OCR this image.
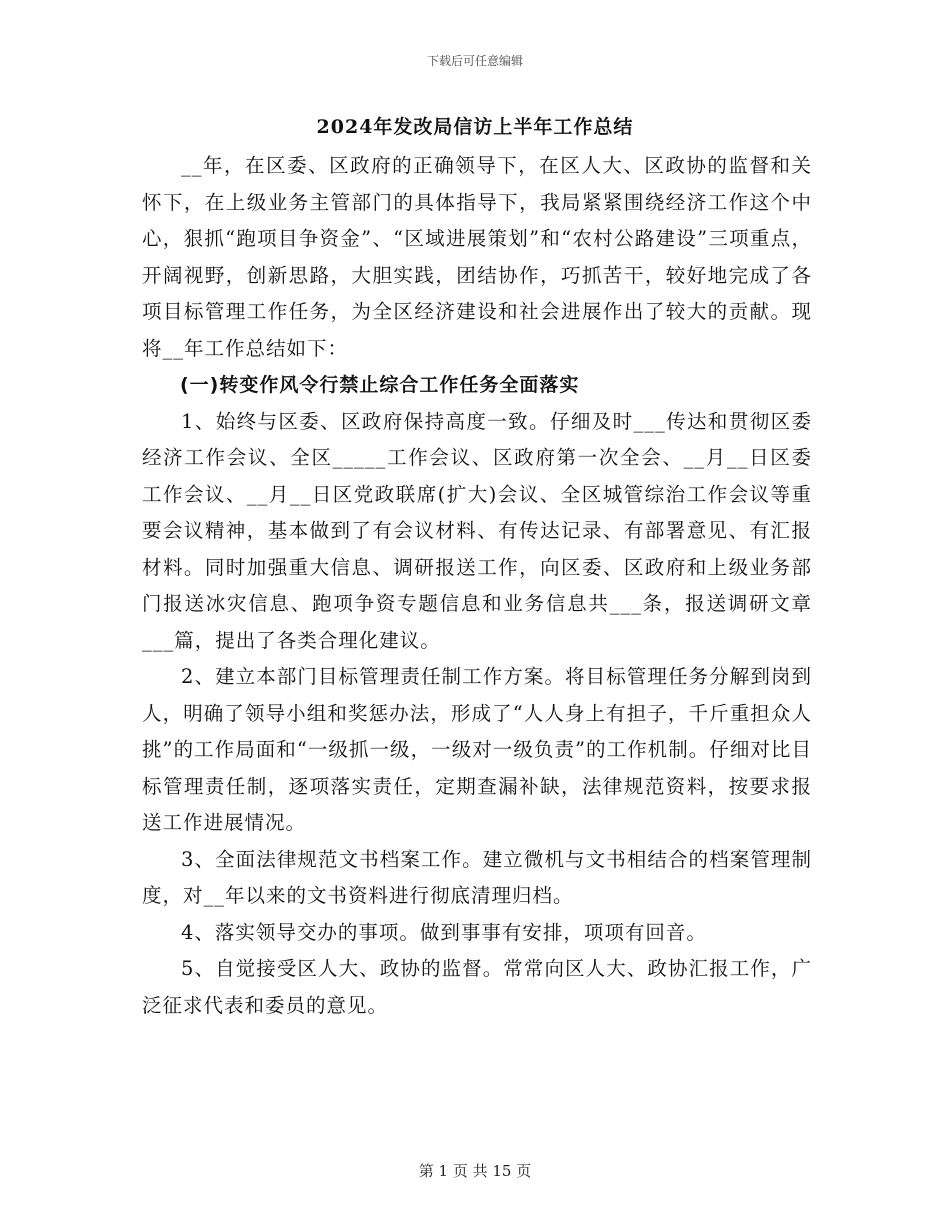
下载后可任意编辑
2024年发改局信访上半年工作总结

__年，在区委、区政府的正确领导下，在区人大、区政协的监督和关怀下，在上级业务主管部门的具体指导下，我局紧紧围绕经济工作这个中心，狠抓“跑项目争资金”、“区域进展策划”和“农村公路建设”三项重点，开阔视野，创新思路，大胆实践，团结协作，巧抓苦干，较好地完成了各项目标管理工作任务，为全区经济建设和社会进展作出了较大的贡献。现将__年工作总结如下：

(一)转变作风令行禁止综合工作任务全面落实

1、始终与区委、区政府保持高度一致。仔细及时___传达和贯彻区委经济工作会议、全区_____工作会议、区政府第一次全会、__月__日区委工作会议、__月__日区党政联席(扩大)会议、全区城管综治工作会议等重要会议精神，基本做到了有会议材料、有传达记录、有部署意见、有汇报材料。同时加强重大信息、调研报送工作，向区委、区政府和上级业务部门报送冰灾信息、跑项争资专题信息和业务信息共___条，报送调研文章___篇，提出了各类合理化建议。

2、建立本部门目标管理责任制工作方案。将目标管理任务分解到岗到人，明确了领导小组和奖惩办法，形成了“人人身上有担子，千斤重担众人挑”的工作局面和“一级抓一级，一级对一级负责”的工作机制。仔细对比目标管理责任制，逐项落实责任，定期查漏补缺，法律规范资料，按要求报送工作进展情况。

3、全面法律规范文书档案工作。建立微机与文书相结合的档案管理制度，对__年以来的文书资料进行彻底清理归档。

4、落实领导交办的事项。做到事事有安排，项项有回音。

5、自觉接受区人大、政协的监督。常常向区人大、政协汇报工作，广泛征求代表和委员的意见。

第 1 页 共 15 页
